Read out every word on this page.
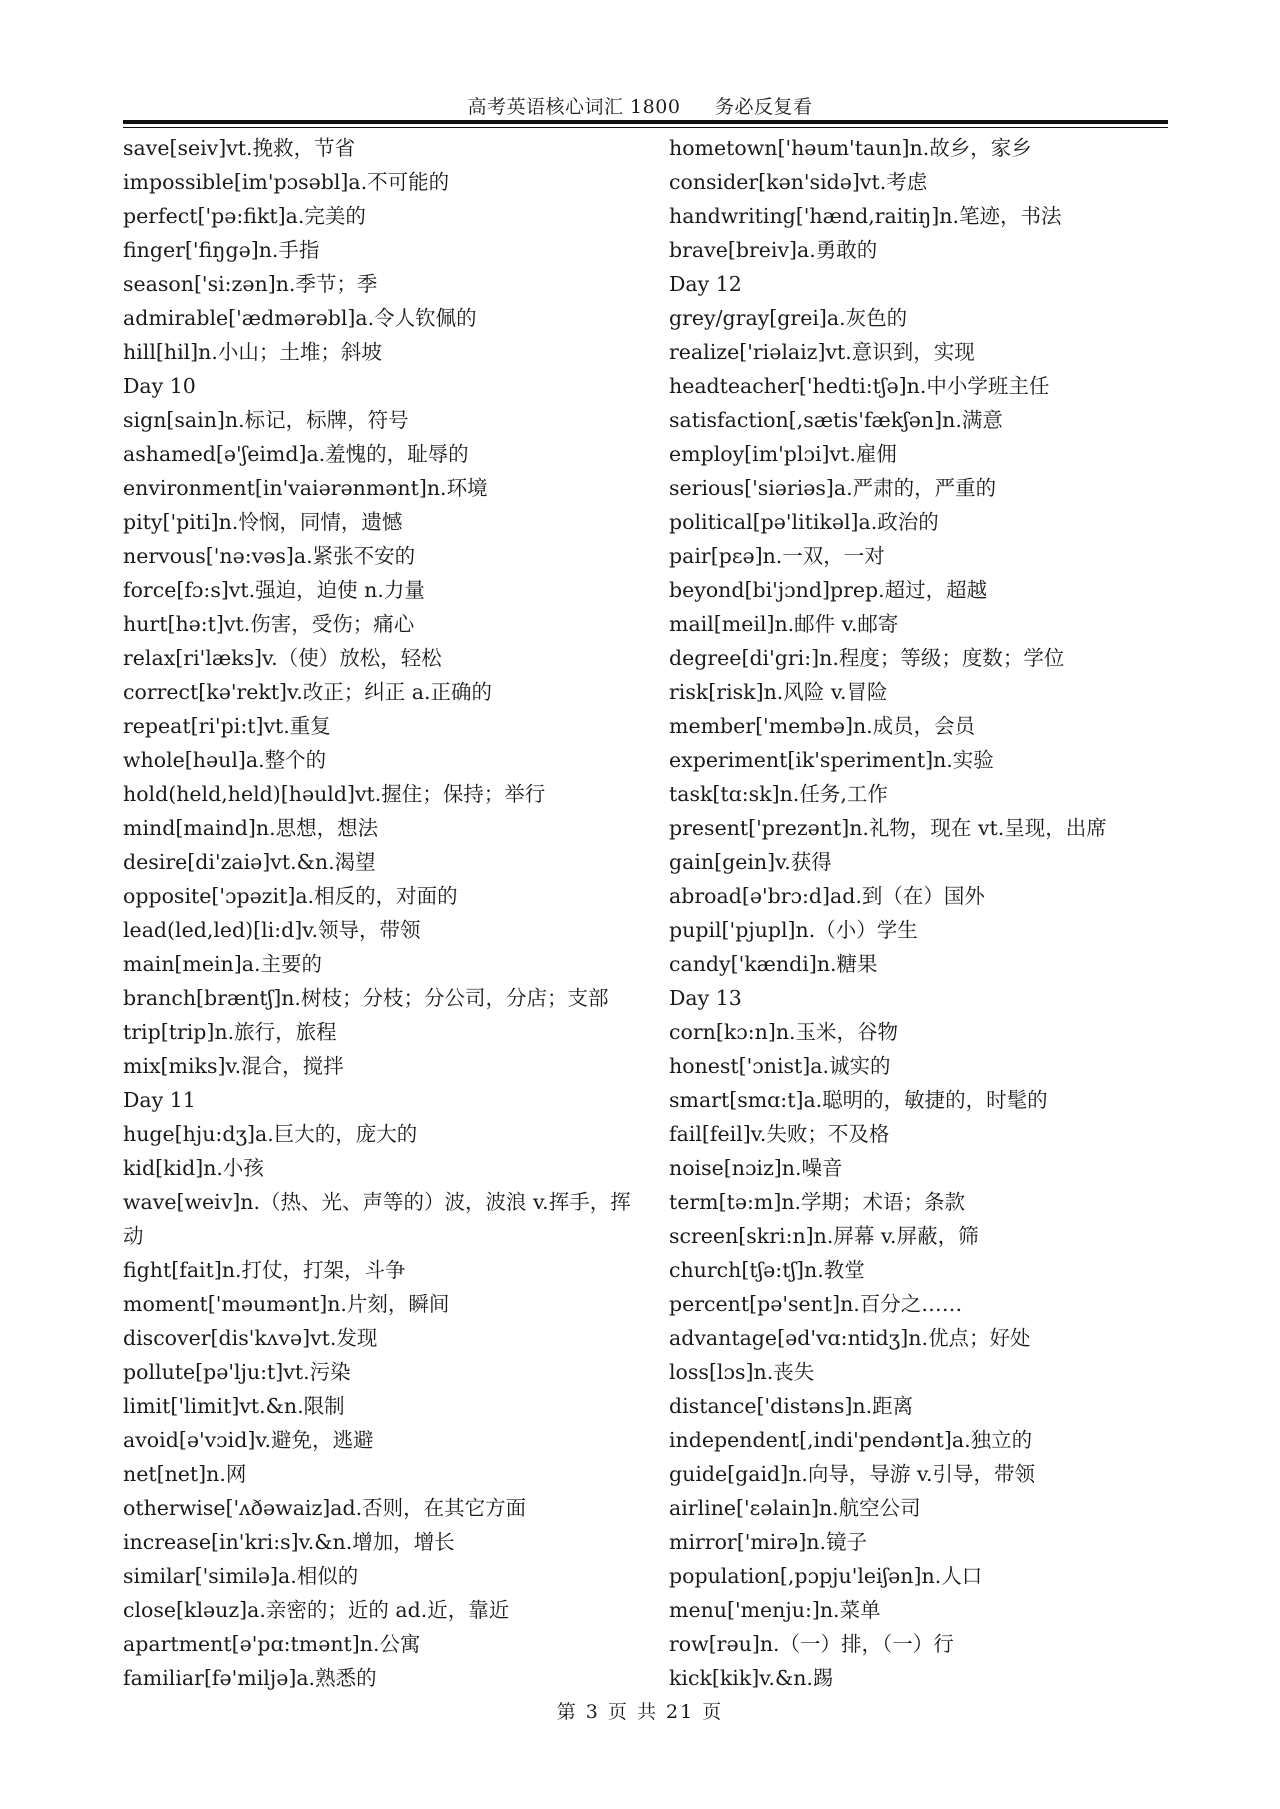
高考英语核心词汇 1800 务必反复看
save[seiv]vt.挽救，节省
impossible[im'pɔsəbl]a.不可能的
perfect['pə:fikt]a.完美的
finger['fiŋgə]n.手指
season['si:zən]n.季节；季
admirable['ædmərəbl]a.令人钦佩的
hill[hil]n.小山；土堆；斜坡
Day 10
sign[sain]n.标记，标牌，符号
ashamed[ə'ʃeimd]a.羞愧的，耻辱的
environment[in'vaiərənmənt]n.环境
pity['piti]n.怜悯，同情，遗憾
nervous['nə:vəs]a.紧张不安的
force[fɔ:s]vt.强迫，迫使 n.力量
hurt[hə:t]vt.伤害，受伤；痛心
relax[ri'læks]v.（使）放松，轻松
correct[kə'rekt]v.改正；纠正 a.正确的
repeat[ri'pi:t]vt.重复
whole[həul]a.整个的
hold(held,held)[həuld]vt.握住；保持；举行
mind[maind]n.思想，想法
desire[di'zaiə]vt.&n.渴望
opposite['ɔpəzit]a.相反的，对面的
lead(led,led)[li:d]v.领导，带领
main[mein]a.主要的
branch[bræntʃ]n.树枝；分枝；分公司，分店；支部
trip[trip]n.旅行，旅程
mix[miks]v.混合，搅拌
Day 11
huge[hju:dʒ]a.巨大的，庞大的
kid[kid]n.小孩
wave[weiv]n.（热、光、声等的）波，波浪 v.挥手，挥动
fight[fait]n.打仗，打架，斗争
moment['məumənt]n.片刻，瞬间
discover[dis'kʌvə]vt.发现
pollute[pə'lju:t]vt.污染
limit['limit]vt.&n.限制
avoid[ə'vɔid]v.避免，逃避
net[net]n.网
otherwise['ʌðəwaiz]ad.否则，在其它方面
increase[in'kri:s]v.&n.增加，增长
similar['similə]a.相似的
close[kləuz]a.亲密的；近的 ad.近，靠近
apartment[ə'pɑ:tmənt]n.公寓
familiar[fə'miljə]a.熟悉的
hometown['həum'taun]n.故乡，家乡
consider[kən'sidə]vt.考虑
handwriting['hænd,raitiŋ]n.笔迹，书法
brave[breiv]a.勇敢的
Day 12
grey/gray[grei]a.灰色的
realize['riəlaiz]vt.意识到，实现
headteacher['hedti:tʃə]n.中小学班主任
satisfaction[,sætis'fækʃən]n.满意
employ[im'plɔi]vt.雇佣
serious['siəriəs]a.严肃的，严重的
political[pə'litikəl]a.政治的
pair[pɛə]n.一双，一对
beyond[bi'jɔnd]prep.超过，超越
mail[meil]n.邮件 v.邮寄
degree[di'gri:]n.程度；等级；度数；学位
risk[risk]n.风险 v.冒险
member['membə]n.成员，会员
experiment[ik'speriment]n.实验
task[tɑ:sk]n.任务,工作
present['prezənt]n.礼物，现在 vt.呈现，出席
gain[gein]v.获得
abroad[ə'brɔ:d]ad.到（在）国外
pupil['pjupl]n.（小）学生
candy['kændi]n.糖果
Day 13
corn[kɔ:n]n.玉米，谷物
honest['ɔnist]a.诚实的
smart[smɑ:t]a.聪明的，敏捷的，时髦的
fail[feil]v.失败；不及格
noise[nɔiz]n.噪音
term[tə:m]n.学期；术语；条款
screen[skri:n]n.屏幕 v.屏蔽，筛
church[tʃə:tʃ]n.教堂
percent[pə'sent]n.百分之……
advantage[əd'vɑ:ntidʒ]n.优点；好处
loss[lɔs]n.丧失
distance['distəns]n.距离
independent[,indi'pendənt]a.独立的
guide[gaid]n.向导，导游 v.引导，带领
airline['ɛəlain]n.航空公司
mirror['mirə]n.镜子
population[,pɔpju'leiʃən]n.人口
menu['menju:]n.菜单
row[rəu]n.（一）排，（一）行
kick[kik]v.&n.踢
第 3 页 共 21 页
